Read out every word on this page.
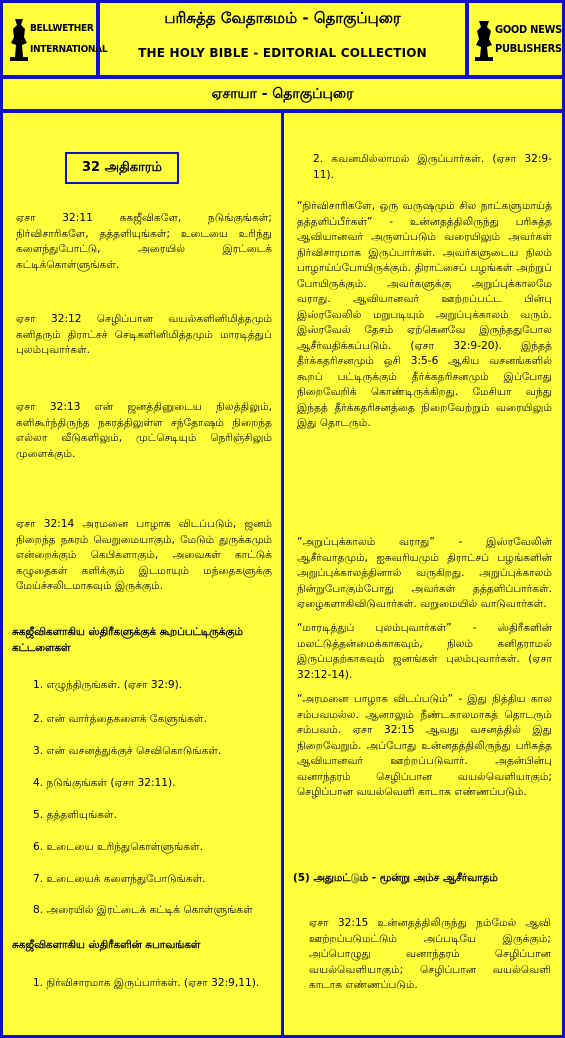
BELLWETHER
INTERNATIONAL
பரிசுத்த வேதாகமம் - தொகுப்புரை
THE HOLY BIBLE - EDITORIAL COLLECTION
GOOD NEWS
PUBLISHERS
ஏசாயா - தொகுப்புரை
32 அதிகாரம்

ஏசா 32:11 சுகஜீவிகளே, நடுங்குங்கள்; நிர்விசாரிகளே, தத்தளியுங்கள்; உடையை உரிந்து களைந்துபோட்டு, அரையில் இரட்டைக் கட்டிக்கொள்ளுங்கள்.

ஏசா 32:12 செழிப்பான வயல்களினிமித்தமும் கனிதரும் திராட்சச் செடிகளினிமித்தமும் மாரடித்துப் புலம்புவார்கள்.

ஏசா 32:13 என் ஜனத்தினுடைய நிலத்திலும், களிகூர்ந்திருந்த நகரத்திலுள்ள சந்தோஷம் நிறைந்த எல்லா வீடுகளிலும், முட்செடியும் நெரிஞ்சிலும் முளைக்கும்.

ஏசா 32:14 அரமனை பாழாக விடப்படும், ஜனம் நிறைந்த நகரம் வெறுமையாகும், மேடும் துருக்கமும் என்றைக்கும் கெபிகளாகும், அவைகள் காட்டுக் கழுதைகள் களிக்கும் இடமாயும் மந்தைகளுக்கு மேய்ச்சலிடமாகவும் இருக்கும்.

சுகஜீவிகளாகிய ஸ்திரீகளுக்குக் கூறப்பட்டிருக்கும் கட்டளைகள்
1. எழுந்திருங்கள். (ஏசா 32:9).
2. என் வார்த்தைகளைக் கேளுங்கள்.
3. என் வசனத்துக்குச் செவிகொடுங்கள்.
4. நடுங்குங்கள் (ஏசா 32:11).
5. தத்தளியுங்கள்.
6. உடையை உரிந்துகொள்ளுங்கள்.
7. உடையைக் களைந்துபோடுங்கள்.
8. அரையில் இரட்டைக் கட்டிக் கொள்ளுங்கள்
சுகஜீவிகளாகிய ஸ்திரீகளின் சுபாவங்கள்
1. நிர்விசாரமாக இருப்பார்கள். (ஏசா 32:9,11).
2. கவனமில்லாமல் இருப்பார்கள். (ஏசா 32:9-11).

“நிர்விசாரிகளே, ஒரு வருஷமும் சில நாட்களுமாய்த் தத்தளிப்பீர்கள்” - உன்னதத்திலிருந்து பரிசுத்த ஆவியானவர் அருளப்படும் வரையிலும் அவர்கள் நிர்விசாரமாக இருப்பார்கள். அவர்களுடைய நிலம் பாழாய்ப்போயிருக்கும். திராட்சைப் பழங்கள் அற்றுப் போயிருக்கும். அவர்களுக்கு அறுப்புக்காலமே வராது. ஆவியானவர் ஊற்றப்பட்ட பின்பு இஸ்ரவேலில் மறுபடியும் அறுப்புக்காலம் வரும். இஸ்ரவேல் தேசம் ஏற்கெனவே இருந்ததுபோல ஆசீர்வதிக்கப்படும். (ஏசா 32:9-20). இந்தத் தீர்க்கதரிசனமும் ஒசி 3:5-6 ஆகிய வசனங்களில் கூறப் பட்டிருக்கும் தீர்க்கதரிசனமும் இப்போது நிறைவேறிக் கொண்டிருக்கிறது. மேசியா வந்து இந்தத் தீர்க்கதரிசனத்தை நிறைவேற்றும் வரையிலும் இது தொடரும்.

“அறுப்புக்காலம் வராது” - இஸ்ரவேலின் ஆசீர்வாதமும், ஐசுவரியமும் திராட்சப் பழங்களின் அறுப்புக்காலத்தினால் வருகிறது. அறுப்புக்காலம் நின்றுபோகும்போது அவர்கள் தத்தளிப்பார்கள். ஏழைகளாகிவிடுவார்கள். வறுமையில் வாடுவார்கள்.

“மாரடித்துப் புலம்புவார்கள்” - ஸ்திரீகளின் மலட்டுத்தன்மைக்காகவும், நிலம் கனிதராமல் இருப்பதற்காகவும் ஜனங்கள் புலம்புவார்கள். (ஏசா 32:12-14).

“அரமனை பாழாக விடப்படும்” - இது நித்திய கால சம்பவமல்ல. ஆனாலும் நீண்டகாலமாகத் தொடரும் சம்பவம். ஏசா 32:15 ஆவது வசனத்தில் இது நிறைவேறும். அப்போது உன்னதத்திலிருந்து பரிசுத்த ஆவியானவர் ஊற்றப்படுவார். அதன்பின்பு வனாந்தரம் செழிப்பான வயல்வெளியாகும்; செழிப்பான வயல்வெளி காடாக எண்ணப்படும்.

(5) அதுமட்டும் - மூன்று அம்ச ஆசீர்வாதம்
ஏசா 32:15 உன்னதத்திலிருந்து நம்மேல் ஆவி ஊற்றப்படுமட்டும் அப்படியே இருக்கும்; அப்பொழுது வனாந்தரம் செழிப்பான வயல்வெளியாகும்; செழிப்பான வயல்வெளி காடாக எண்ணப்படும்.
